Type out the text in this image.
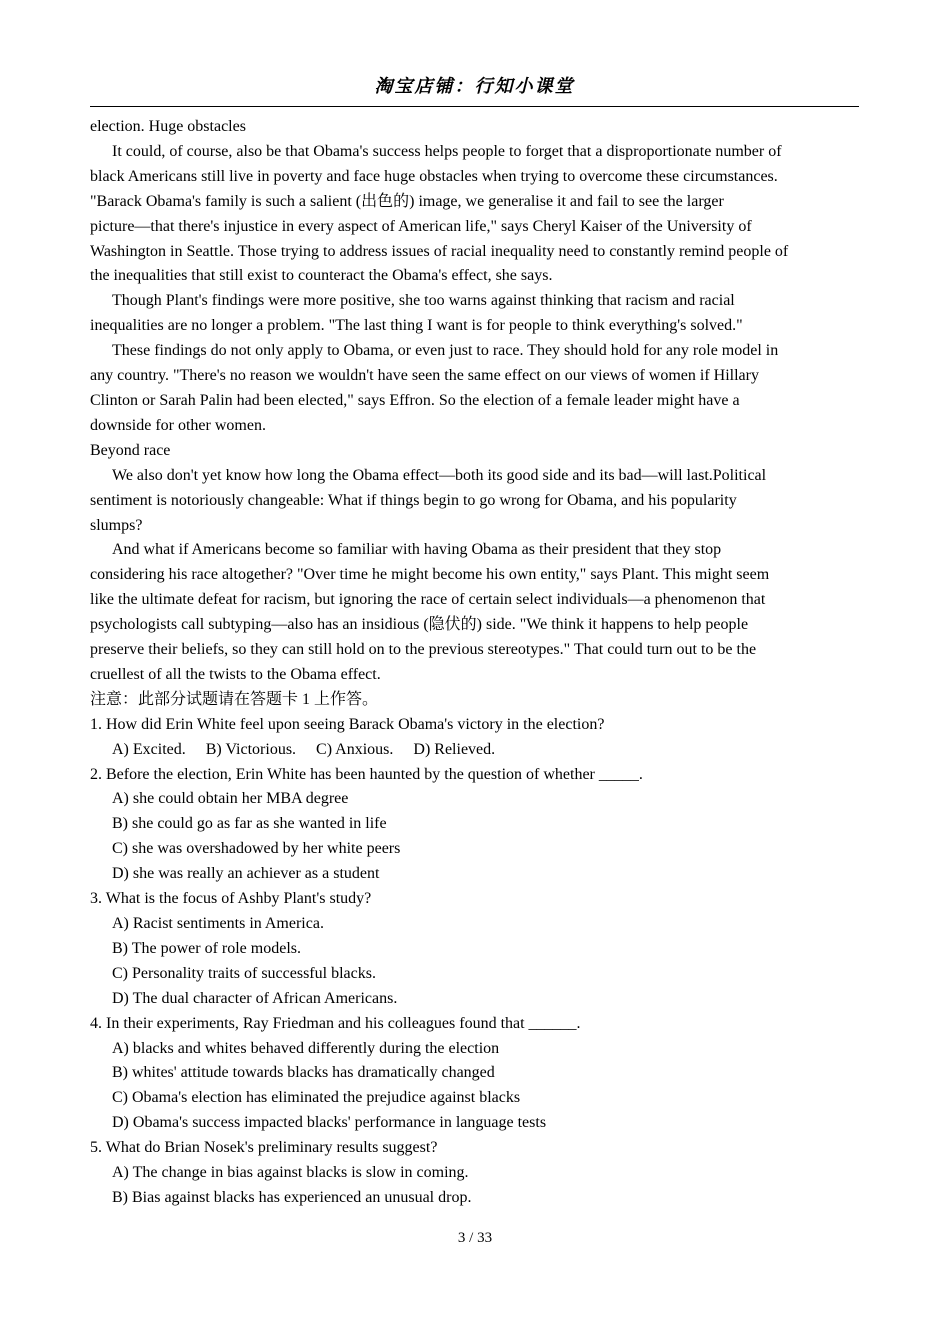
淘宝店铺：行知小课堂
election. Huge obstacles
It could, of course, also be that Obama's success helps people to forget that a disproportionate number of
black Americans still live in poverty and face huge obstacles when trying to overcome these circumstances.
"Barack Obama's family is such a salient (出色的) image, we generalise it and fail to see the larger
picture—that there's injustice in every aspect of American life," says Cheryl Kaiser of the University of
Washington in Seattle. Those trying to address issues of racial inequality need to constantly remind people of
the inequalities that still exist to counteract the Obama's effect, she says.
Though Plant's findings were more positive, she too warns against thinking that racism and racial
inequalities are no longer a problem. "The last thing I want is for people to think everything's solved."
These findings do not only apply to Obama, or even just to race. They should hold for any role model in
any country. "There's no reason we wouldn't have seen the same effect on our views of women if Hillary
Clinton or Sarah Palin had been elected," says Effron. So the election of a female leader might have a
downside for other women.
Beyond race
We also don't yet know how long the Obama effect—both its good side and its bad—will last.Political
sentiment is notoriously changeable: What if things begin to go wrong for Obama, and his popularity
slumps?
And what if Americans become so familiar with having Obama as their president that they stop
considering his race altogether? "Over time he might become his own entity," says Plant. This might seem
like the ultimate defeat for racism, but ignoring the race of certain select individuals—a phenomenon that
psychologists call subtyping—also has an insidious (隐伏的) side. "We think it happens to help people
preserve their beliefs, so they can still hold on to the previous stereotypes." That could turn out to be the
cruellest of all the twists to the Obama effect.
注意：此部分试题请在答题卡 1 上作答。
1. How did Erin White feel upon seeing Barack Obama's victory in the election?
A) Excited.     B) Victorious.     C) Anxious.     D) Relieved.
2. Before the election, Erin White has been haunted by the question of whether _____.
A) she could obtain her MBA degree
B) she could go as far as she wanted in life
C) she was overshadowed by her white peers
D) she was really an achiever as a student
3. What is the focus of Ashby Plant's study?
A) Racist sentiments in America.
B) The power of role models.
C) Personality traits of successful blacks.
D) The dual character of African Americans.
4. In their experiments, Ray Friedman and his colleagues found that ______.
A) blacks and whites behaved differently during the election
B) whites' attitude towards blacks has dramatically changed
C) Obama's election has eliminated the prejudice against blacks
D) Obama's success impacted blacks' performance in language tests
5. What do Brian Nosek's preliminary results suggest?
A) The change in bias against blacks is slow in coming.
B) Bias against blacks has experienced an unusual drop.
3 / 33
